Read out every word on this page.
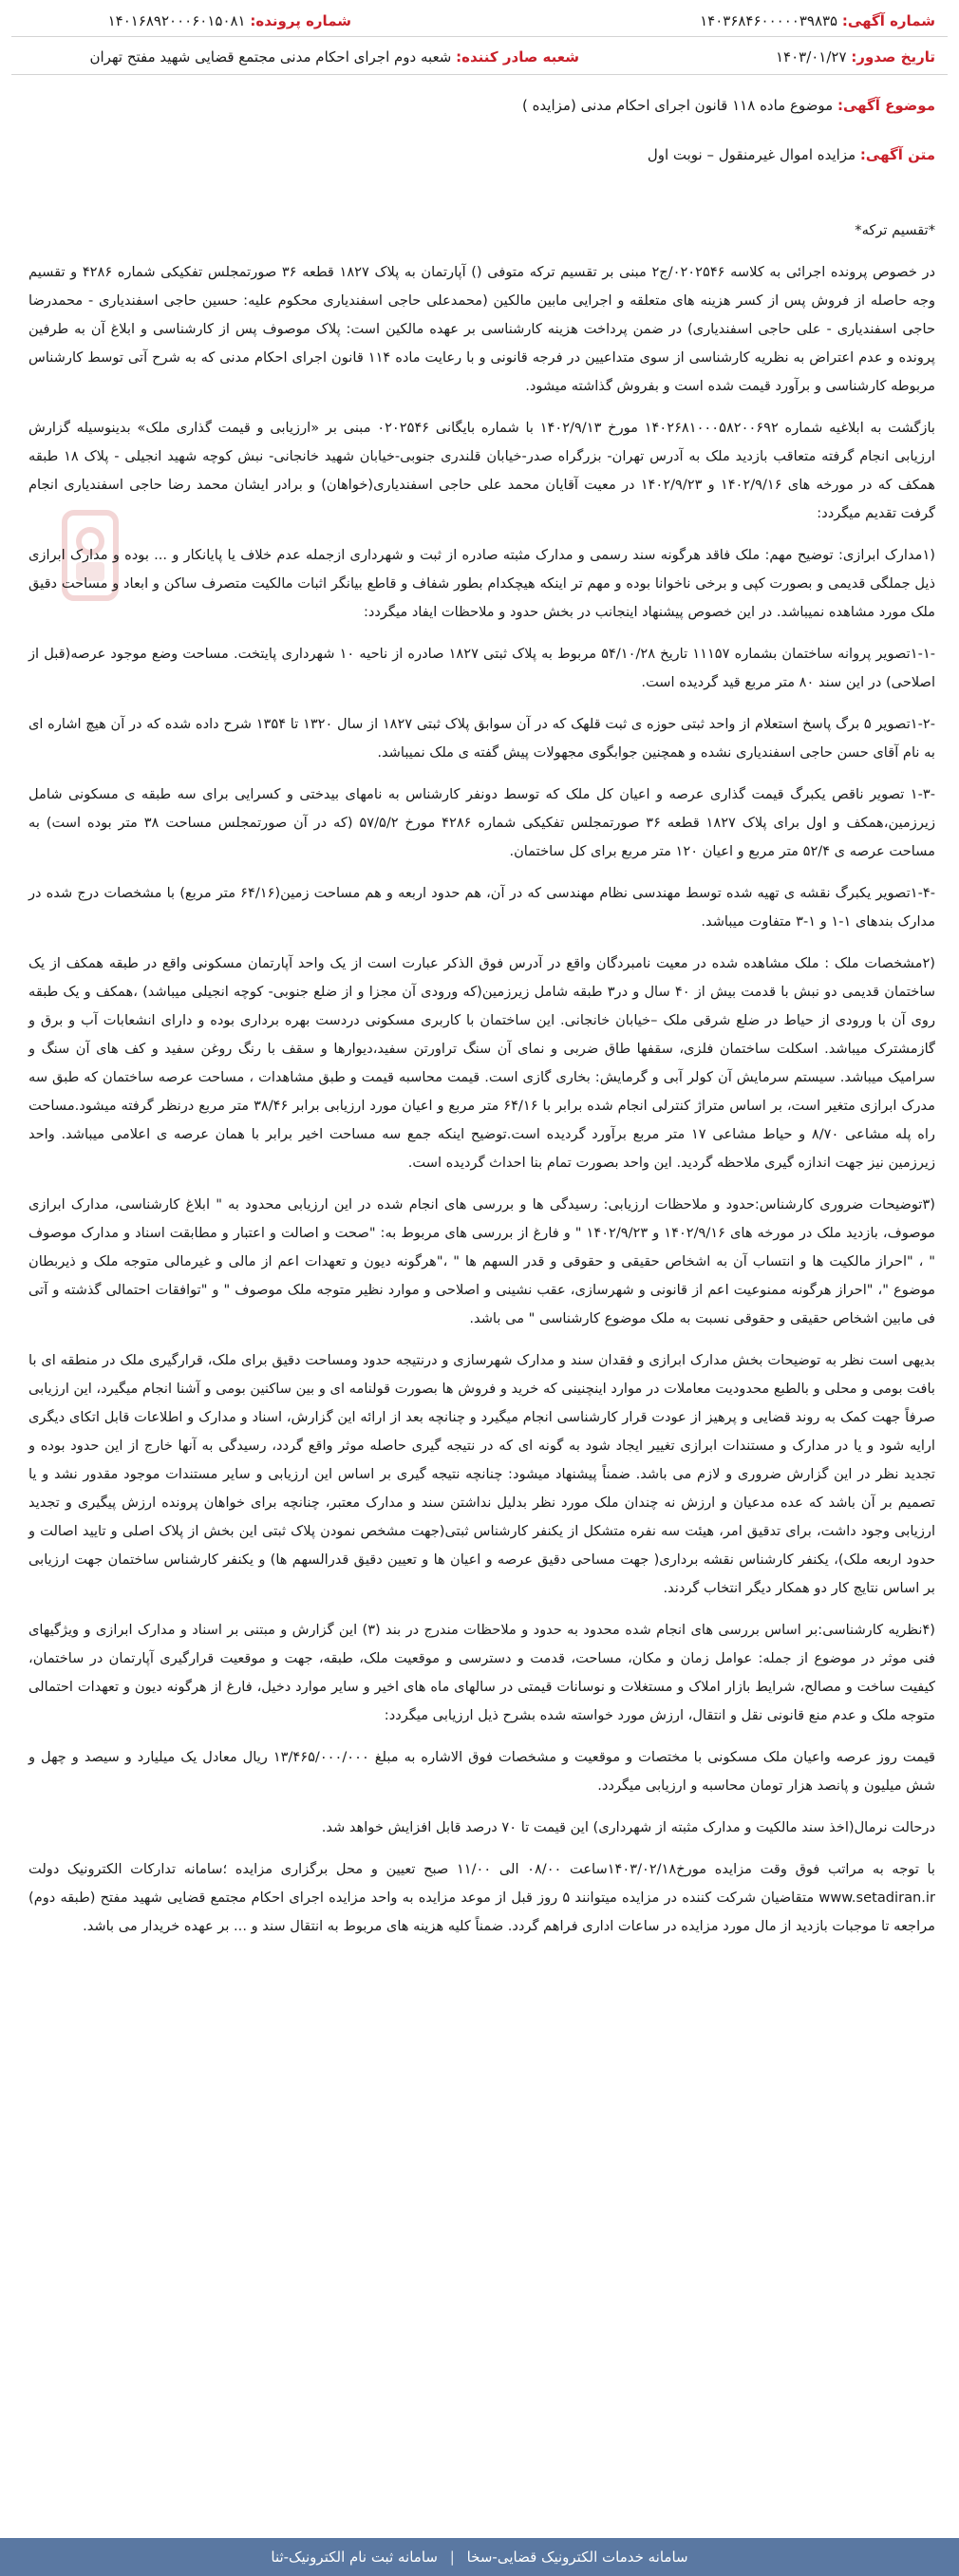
شماره آگهی: ۱۴۰۳۶۸۴۶۰۰۰۰۰۳۹۸۳۵
شماره پرونده: ۱۴۰۱۶۸۹۲۰۰۰۶۰۱۵۰۸۱
تاریخ صدور: ۱۴۰۳/۰۱/۲۷
شعبه صادر کننده: شعبه دوم اجرای احکام مدنی مجتمع قضایی شهید مفتح تهران
موضوع آگهی: موضوع ماده ۱۱۸ قانون اجرای احکام مدنی (مزایده )
متن آگهی: مزایده اموال غیرمنقول – نوبت اول

*تقسیم ترکه*

در خصوص پرونده اجرائی به کلاسه ۰۲۰۲۵۴۶/ج۲ مبنی بر تقسیم ترکه متوفی () آپارتمان به پلاک ۱۸۲۷ قطعه ۳۶ صورتمجلس تفکیکی شماره ۴۲۸۶ و تقسیم وجه حاصله از فروش پس از کسر هزینه های متعلقه و اجرایی مابین مالکین (محمدعلی حاجی اسفندیاری محکوم علیه: حسین حاجی اسفندیاری - محمدرضا حاجی اسفندیاری - علی حاجی اسفندیاری) در ضمن پرداخت هزینه کارشناسی بر عهده مالکین است: پلاک موصوف پس از کارشناسی و ابلاغ آن به طرفین پرونده و عدم اعتراض به نظریه کارشناسی از سوی متداعیین در فرجه قانونی و با رعایت ماده ۱۱۴ قانون اجرای احکام مدنی که به شرح آتی توسط کارشناس مربوطه کارشناسی و برآورد قیمت شده است و بفروش گذاشته میشود.

بازگشت به ابلاغیه شماره ۱۴۰۲۶۸۱۰۰۰۵۸۲۰۰۶۹۲ مورخ ۱۴۰۲/۹/۱۳ با شماره بایگانی ۰۲۰۲۵۴۶ مبنی بر «ارزیابی و قیمت گذاری ملک» بدینوسیله گزارش ارزیابی انجام گرفته متعاقب بازدید ملک به آدرس تهران- بزرگراه صدر-خیابان قلندری جنوبی-خیابان شهید خانجانی- نبش کوچه شهید انجیلی - پلاک ۱۸ طبقه همکف که در مورخه های ۱۴۰۲/۹/۱۶ و ۱۴۰۲/۹/۲۳ در معیت آقایان محمد علی حاجی اسفندیاری(خواهان) و برادر ایشان محمد رضا حاجی اسفندیاری انجام گرفت تقدیم میگردد:

(۱مدارک ابرازی: توضیح مهم: ملک فاقد هرگونه سند رسمی و مدارک مثبته صادره از ثبت و شهرداری ازجمله عدم خلاف یا پایانکار و ... بوده و مدارک ابرازی ذیل جملگی قدیمی و بصورت کپی و برخی ناخوانا بوده و مهم تر اینکه هیچکدام بطور شفاف و قاطع بیانگر اثبات مالکیت متصرف ساکن و ابعاد و مساحت دقیق ملک مورد مشاهده نمیباشد. در این خصوص پیشنهاد اینجانب در بخش حدود و ملاحظات ایفاد میگردد:

-۱-۱تصویر پروانه ساختمان بشماره ۱۱۱۵۷ تاریخ ۵۴/۱۰/۲۸ مربوط به پلاک ثبتی ۱۸۲۷ صادره از ناحیه ۱۰ شهرداری پایتخت. مساحت وضع موجود عرصه(قبل از اصلاحی) در این سند ۸۰ متر مربع قید گردیده است.

-۱-۲تصویر ۵ برگ پاسخ استعلام از واحد ثبتی حوزه ی ثبت قلهک که در آن سوابق پلاک ثبتی ۱۸۲۷ از سال ۱۳۲۰ تا ۱۳۵۴ شرح داده شده که در آن هیچ اشاره ای به نام آقای حسن حاجی اسفندیاری نشده و همچنین جوابگوی مجهولات پیش گفته ی ملک نمیباشد.

-۱-۳ تصویر ناقص یکبرگ قیمت گذاری عرصه و اعیان کل ملک که توسط دونفر کارشناس به نامهای بیدختی و کسرایی برای سه طبقه ی مسکونی شامل زیرزمین،همکف و اول برای پلاک ۱۸۲۷ قطعه ۳۶ صورتمجلس تفکیکی شماره ۴۲۸۶ مورخ ۵۷/۵/۲ (که در آن صورتمجلس مساحت ۳۸ متر بوده است) به مساحت عرصه ی ۵۲/۴ متر مربع و اعیان ۱۲۰ متر مربع برای کل ساختمان.

-۱-۴تصویر یکبرگ نقشه ی تهیه شده توسط مهندسی نظام مهندسی که در آن، هم حدود اربعه و هم مساحت زمین(۶۴/۱۶ متر مربع) با مشخصات درج شده در مدارک بندهای ۱-۱ و ۱-۳ متفاوت میباشد.

(۲مشخصات ملک : ملک مشاهده شده در معیت نامبردگان واقع در آدرس فوق الذکر عبارت است از یک واحد آپارتمان مسکونی واقع در طبقه همکف از یک ساختمان قدیمی دو نبش با قدمت بیش از ۴۰ سال و در۳ طبقه شامل زیرزمین(که ورودی آن مجزا و از ضلع جنوبی- کوچه انجیلی میباشد) ،همکف و یک طبقه روی آن با ورودی از حیاط در ضلع شرقی ملک –خیابان خانجانی. این ساختمان با کاربری مسکونی دردست بهره برداری بوده و دارای انشعابات آب و برق و گازمشترک میباشد. اسکلت ساختمان فلزی، سقفها طاق ضربی و نمای آن سنگ تراورتن سفید،دیوارها و سقف با رنگ روغن سفید و کف های آن سنگ و سرامیک میباشد. سیستم سرمایش آن کولر آبی و گرمایش: بخاری گازی است. قیمت محاسبه قیمت و طبق مشاهدات ، مساحت عرصه ساختمان که طبق سه مدرک ابرازی متغیر است، بر اساس متراژ کنترلی انجام شده برابر با ۶۴/۱۶ متر مربع و اعیان مورد ارزیابی برابر ۳۸/۴۶ متر مربع درنظر گرفته میشود.مساحت راه پله مشاعی ۸/۷۰ و حیاط مشاعی ۱۷ متر مربع برآورد گردیده است.توضیح اینکه جمع سه مساحت اخیر برابر با همان عرصه ی اعلامی میباشد. واحد زیرزمین نیز جهت اندازه گیری ملاحظه گردید. این واحد بصورت تمام بنا احداث گردیده است.

(۳توضیحات ضروری کارشناس:حدود و ملاحظات ارزیابی: رسیدگی ها و بررسی های انجام شده در این ارزیابی محدود به " ابلاغ کارشناسی، مدارک ابرازی موصوف، بازدید ملک در مورخه های ۱۴۰۲/۹/۱۶ و ۱۴۰۲/۹/۲۳ " و فارغ از بررسی های مربوط به: "صحت و اصالت و اعتبار و مطابقت اسناد و مدارک موصوف " ، "احراز مالکیت ها و انتساب آن به اشخاص حقیقی و حقوقی و قدر السهم ها " ،"هرگونه دیون و تعهدات اعم از مالی و غیرمالی متوجه ملک و ذیربطان موضوع "، "احراز هرگونه ممنوعیت اعم از قانونی و شهرسازی، عقب نشینی و اصلاحی و موارد نظیر متوجه ملک موصوف " و "توافقات احتمالی گذشته و آتی فی مابین اشخاص حقیقی و حقوقی نسبت به ملک موضوع کارشناسی " می باشد.

بدیهی است نظر به توضیحات بخش مدارک ابرازی و فقدان سند و مدارک شهرسازی و درنتیجه حدود ومساحت دقیق برای ملک، قرارگیری ملک در منطقه ای با بافت بومی و محلی و بالطبع محدودیت معاملات در موارد اینچنینی که خرید و فروش ها بصورت قولنامه ای و بین ساکنین بومی و آشنا انجام میگیرد، این ارزیابی صرفاً جهت کمک به روند قضایی و پرهیز از عودت قرار کارشناسی انجام میگیرد و چنانچه بعد از ارائه این گزارش، اسناد و مدارک و اطلاعات قابل اتکای دیگری ارایه شود و یا در مدارک و مستندات ابرازی تغییر ایجاد شود به گونه ای که در نتیجه گیری حاصله موثر واقع گردد، رسیدگی به آنها خارج از این حدود بوده و تجدید نظر در این گزارش ضروری و لازم می باشد. ضمناً پیشنهاد میشود: چنانچه نتیجه گیری بر اساس این ارزیابی و سایر مستندات موجود مقدور نشد و یا تصمیم بر آن باشد که عده مدعیان و ارزش نه چندان ملک مورد نظر بدلیل نداشتن سند و مدارک معتبر، چنانچه برای خواهان پرونده ارزش پیگیری و تجدید ارزیابی وجود داشت، برای تدقیق امر، هیئت سه نفره متشکل از یکنفر کارشناس ثبتی(جهت مشخص نمودن پلاک ثبتی این بخش از پلاک اصلی و تایید اصالت و حدود اربعه ملک)، یکنفر کارشناس نقشه برداری( جهت مساحی دقیق عرصه و اعیان ها و تعیین دقیق قدرالسهم ها) و یکنفر کارشناس ساختمان جهت ارزیابی بر اساس نتایج کار دو همکار دیگر انتخاب گردند.

(۴نظریه کارشناسی:بر اساس بررسی های انجام شده محدود به حدود و ملاحظات مندرج در بند (۳) این گزارش و مبتنی بر اسناد و مدارک ابرازی و ویژگیهای فنی موثر در موضوع از جمله: عوامل زمان و مکان، مساحت، قدمت و دسترسی و موقعیت ملک، طبقه، جهت و موقعیت قرارگیری آپارتمان در ساختمان، کیفیت ساخت و مصالح، شرایط بازار املاک و مستغلات و نوسانات قیمتی در سالهای ماه های اخیر و سایر موارد دخیل، فارغ از هرگونه دیون و تعهدات احتمالی متوجه ملک و عدم منع قانونی نقل و انتقال، ارزش مورد خواسته شده بشرح ذیل ارزیابی میگردد:

قیمت روز عرصه واعیان ملک مسکونی با مختصات و موقعیت و مشخصات فوق الاشاره به مبلغ ۱۳/۴۶۵/۰۰۰/۰۰۰ ریال معادل یک میلیارد و سیصد و چهل و شش میلیون و پانصد هزار تومان محاسبه و ارزیابی میگردد.

درحالت نرمال(اخذ سند مالکیت و مدارک مثبته از شهرداری) این قیمت تا ۷۰ درصد قابل افزایش خواهد شد.

با توجه به مراتب فوق وقت مزایده مورخ۱۴۰۳/۰۲/۱۸ساعت ۰۸/۰۰ الی ۱۱/۰۰ صبح تعیین و محل برگزاری مزایده ؛سامانه تدارکات الکترونیک دولت www.setadiran.ir متقاضیان شرکت کننده در مزایده میتوانند ۵ روز قبل از موعد مزایده به واحد مزایده اجرای احکام مجتمع قضایی شهید مفتح (طبقه دوم) مراجعه تا موجبات بازدید از مال مورد مزایده در ساعات اداری فراهم گردد. ضمناً کلیه هزینه های مربوط به انتقال سند و ... بر عهده خریدار می باشد.

سامانه خدمات الکترونیک قضایی-سخا | سامانه ثبت نام الکترونیک-ثنا
